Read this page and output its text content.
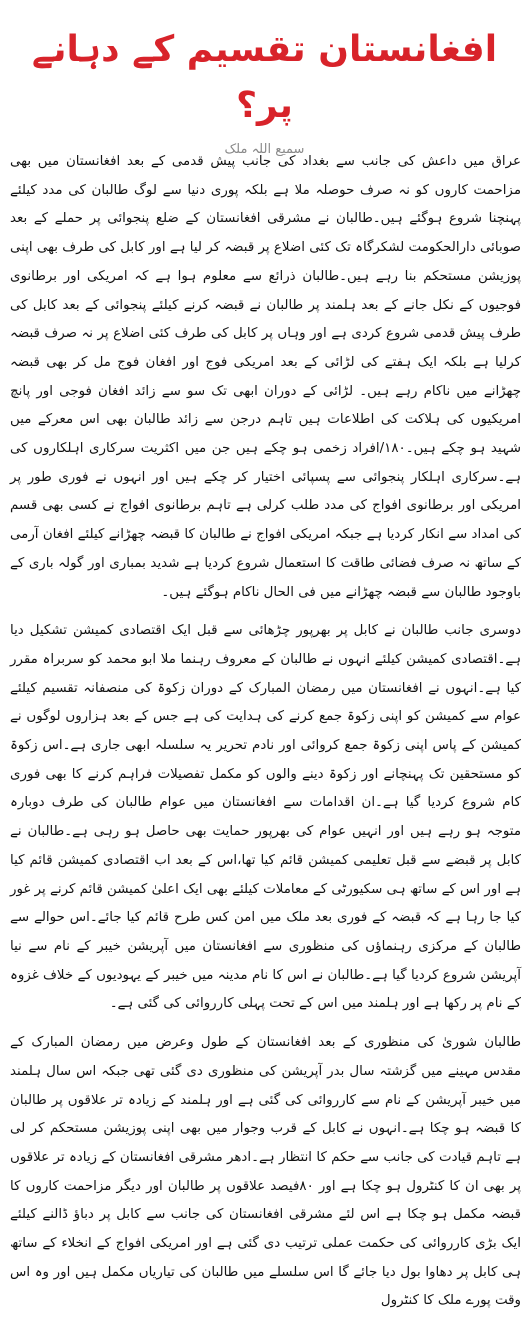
افغانستان تقسیم کے دہانے پر؟
سمیع اللہ ملک

عراق میں داعش کی جانب سے بغداد کی جانب پیش قدمی کے بعد افغانستان میں بھی مزاحمت کاروں کو نہ صرف حوصلہ ملا ہے بلکہ پوری دنیا سے لوگ طالبان کی مدد کیلئے پہنچنا شروع ہوگئے ہیں۔طالبان نے مشرقی افغانستان کے ضلع پنجوائی پر حملے کے بعد صوبائی دارالحکومت لشکرگاہ تک کئی اضلاع پر قبضہ کر لیا ہے اور کابل کی طرف بھی اپنی پوزیشن مستحکم بنا رہے ہیں۔طالبان ذرائع سے معلوم ہوا ہے کہ امریکی اور برطانوی فوجیوں کے نکل جانے کے بعد ہلمند پر طالبان نے قبضہ کرنے کیلئے پنجوائی کے بعد کابل کی طرف پیش قدمی شروع کردی ہے اور وہاں پر کابل کی طرف کئی اضلاع پر نہ صرف قبضہ کرلیا ہے بلکہ ایک ہفتے کی لڑائی کے بعد امریکی فوج اور افغان فوج مل کر بھی قبضہ چھڑانے میں ناکام رہے ہیں۔ لڑائی کے دوران ابھی تک سو سے زائد افغان فوجی اور پانچ امریکیوں کی ہلاکت کی اطلاعات ہیں تاہم درجن سے زائد طالبان بھی اس معرکے میں شہید ہو چکے ہیں۔۱۸۰/افراد زخمی ہو چکے ہیں جن میں اکثریت سرکاری اہلکاروں کی ہے۔سرکاری اہلکار پنجوائی سے پسپائی اختیار کر چکے ہیں اور انہوں نے فوری طور پر امریکی اور برطانوی افواج کی مدد طلب کرلی ہے تاہم برطانوی افواج نے کسی بھی قسم کی امداد سے انکار کردیا ہے جبکہ امریکی افواج نے طالبان کا قبضہ چھڑانے کیلئے افغان آرمی کے ساتھ نہ صرف فضائی طاقت کا استعمال شروع کردیا ہے شدید بمباری اور گولہ باری کے باوجود طالبان سے قبضہ چھڑانے میں فی الحال ناکام ہوگئے ہیں۔

دوسری جانب طالبان نے کابل پر بھرپور چڑھائی سے قبل ایک اقتصادی کمیشن تشکیل دیا ہے۔اقتصادی کمیشن کیلئے انہوں نے طالبان کے معروف رہنما ملا ابو محمد کو سربراہ مقرر کیا ہے۔انہوں نے افغانستان میں رمضان المبارک کے دوران زکوۃ کی منصفانہ تقسیم کیلئے عوام سے کمیشن کو اپنی زکوۃ جمع کرنے کی ہدایت کی ہے جس کے بعد ہزاروں لوگوں نے کمیشن کے پاس اپنی زکوۃ جمع کروائی اور نادم تحریر یہ سلسلہ ابھی جاری ہے۔اس زکوۃ کو مستحقین تک پہنچانے اور زکوۃ دینے والوں کو مکمل تفصیلات فراہم کرنے کا بھی فوری کام شروع کردیا گیا ہے۔ان اقدامات سے افغانستان میں عوام طالبان کی طرف دوبارہ متوجہ ہو رہے ہیں اور انہیں عوام کی بھرپور حمایت بھی حاصل ہو رہی ہے۔طالبان نے کابل پر قبضے سے قبل تعلیمی کمیشن قائم کیا تھا،اس کے بعد اب اقتصادی کمیشن قائم کیا ہے اور اس کے ساتھ ہی سکیورٹی کے معاملات کیلئے بھی ایک اعلیٰ کمیشن قائم کرنے پر غور کیا جا رہا ہے کہ قبضہ کے فوری بعد ملک میں امن کس طرح قائم کیا جائے۔اس حوالے سے طالبان کے مرکزی رہنماؤں کی منظوری سے افغانستان میں آپریشن خیبر کے نام سے نیا آپریشن شروع کردیا گیا ہے۔طالبان نے اس کا نام مدینہ میں خیبر کے یہودیوں کے خلاف غزوہ کے نام پر رکھا ہے اور ہلمند میں اس کے تحت پہلی کارروائی کی گئی ہے۔

طالبان شوریٰ کی منظوری کے بعد افغانستان کے طول وعرض میں رمضان المبارک کے مقدس مہینے میں گزشتہ سال بدر آپریشن کی منظوری دی گئی تھی جبکہ اس سال ہلمند میں خیبر آپریشن کے نام سے کارروائی کی گئی ہے اور ہلمند کے زیادہ تر علاقوں پر طالبان کا قبضہ ہو چکا ہے۔انہوں نے کابل کے قرب وجوار میں بھی اپنی پوزیشن مستحکم کر لی ہے تاہم قیادت کی جانب سے حکم کا انتظار ہے۔ادھر مشرقی افغانستان کے زیادہ تر علاقوں پر بھی ان کا کنٹرول ہو چکا ہے اور ۸۰فیصد علاقوں پر طالبان اور دیگر مزاحمت کاروں کا قبضہ مکمل ہو چکا ہے اس لئے مشرقی افغانستان کی جانب سے کابل پر دباؤ ڈالنے کیلئے ایک بڑی کارروائی کی حکمت عملی ترتیب دی گئی ہے اور امریکی افواج کے انخلاء کے ساتھ ہی کابل پر دھاوا بول دیا جائے گا اس سلسلے میں طالبان کی تیاریاں مکمل ہیں اور وہ اس وقت پورے ملک کا کنٹرول
